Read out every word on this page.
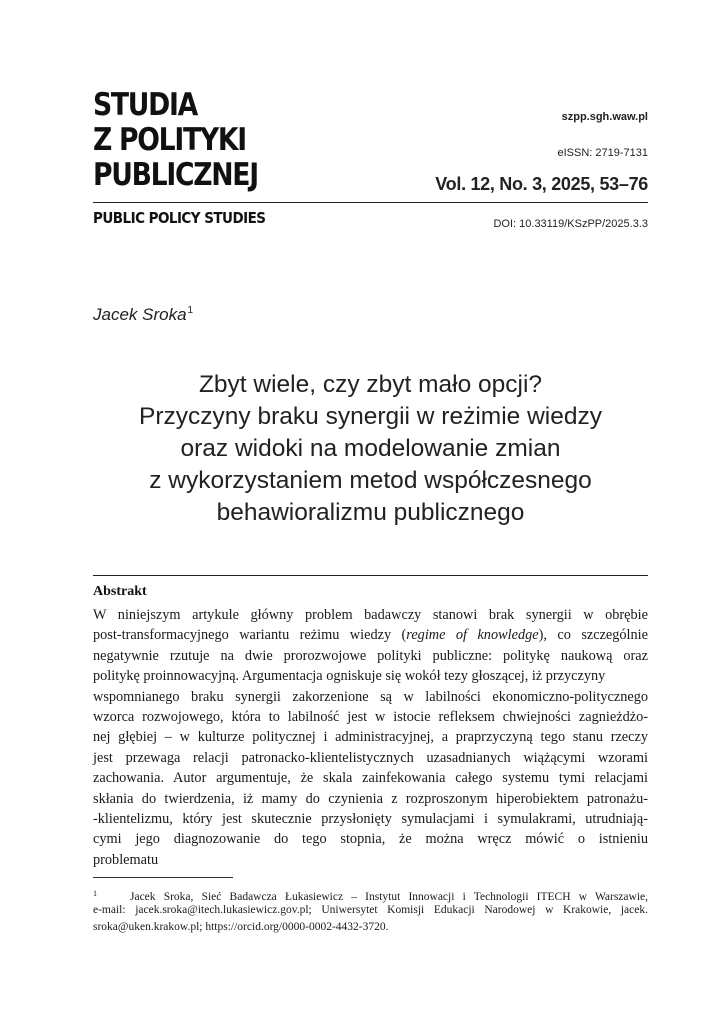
STUDIA
Z POLITYKI
PUBLICZNEJ
PUBLIC POLICY STUDIES
szpp.sgh.waw.pl
eISSN: 2719-7131
Vol. 12, No. 3, 2025, 53–76
DOI: 10.33119/KSzPP/2025.3.3
Jacek Sroka$^1$
Zbyt wiele, czy zbyt mało opcji?
Przyczyny braku synergii w reżimie wiedzy
oraz widoki na modelowanie zmian
z wykorzystaniem metod współczesnego
behawioralizmu publicznego
Abstrakt
W niniejszym artykule główny problem badawczy stanowi brak synergii w obrębie
post-transformacyjnego wariantu reżimu wiedzy (regime of knowledge), co szczególnie
negatywnie rzutuje na dwie prorozwojowe polityki publiczne: politykę naukową oraz
politykę proinnowacyjną. Argumentacja ogniskuje się wokół tezy głoszącej, iż przyczyny
wspomnianego braku synergii zakorzenione są w labilności ekonomiczno-politycznego
wzorca rozwojowego, która to labilność jest w istocie refleksem chwiejności zagnieżdżo-
nej głębiej – w kulturze politycznej i administracyjnej, a praprzyczyną tego stanu rzeczy
jest przewaga relacji patronacko-klientelistycznych uzasadnianych wiążącymi wzorami
zachowania. Autor argumentuje, że skala zainfekowania całego systemu tymi relacjami
skłania do twierdzenia, iż mamy do czynienia z rozproszonym hiperobiektem patronażu-
-klientelizmu, który jest skutecznie przysłonięty symulacjami i symulakrami, utrudniają-
cymi jego diagnozowanie do tego stopnia, że można wręcz mówić o istnieniu
problematu
1	Jacek Sroka, Sieć Badawcza Łukasiewicz – Instytut Innowacji i Technologii ITECH w Warszawie,
e-mail: jacek.sroka@itech.lukasiewicz.gov.pl; Uniwersytet Komisji Edukacji Narodowej w Krakowie, jacek.
sroka@uken.krakow.pl; https://orcid.org/0000-0002-4432-3720.
